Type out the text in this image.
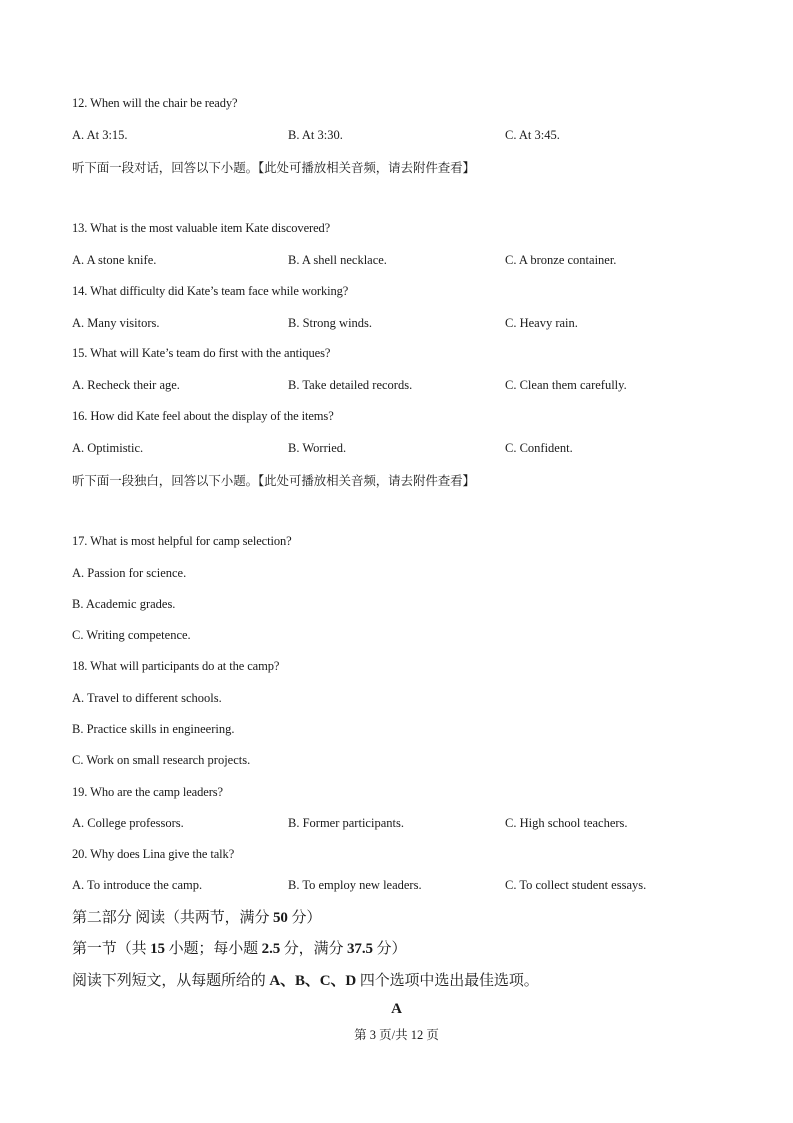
12. When will the chair be ready?
A. At 3:15.	B. At 3:30.	C. At 3:45.
听下面一段对话，回答以下小题。【此处可播放相关音频，请去附件查看】
13. What is the most valuable item Kate discovered?
A. A stone knife.	B. A shell necklace.	C. A bronze container.
14. What difficulty did Kate’s team face while working?
A. Many visitors.	B. Strong winds.	C. Heavy rain.
15. What will Kate’s team do first with the antiques?
A. Recheck their age.	B. Take detailed records.	C. Clean them carefully.
16. How did Kate feel about the display of the items?
A. Optimistic.	B. Worried.	C. Confident.
听下面一段独白，回答以下小题。【此处可播放相关音频，请去附件查看】
17. What is most helpful for camp selection?
A. Passion for science.
B. Academic grades.
C. Writing competence.
18. What will participants do at the camp?
A. Travel to different schools.
B. Practice skills in engineering.
C. Work on small research projects.
19. Who are the camp leaders?
A. College professors.	B. Former participants.	C. High school teachers.
20. Why does Lina give the talk?
A. To introduce the camp.	B. To employ new leaders.	C. To collect student essays.
第二部分 阅读（共两节，满分 50 分）
第一节（共 15 小题；每小题 2.5 分，满分 37.5 分）
阅读下列短文，从每题所给的 A、B、C、D 四个选项中选出最佳选项。
A
第 3 页/共 12 页
